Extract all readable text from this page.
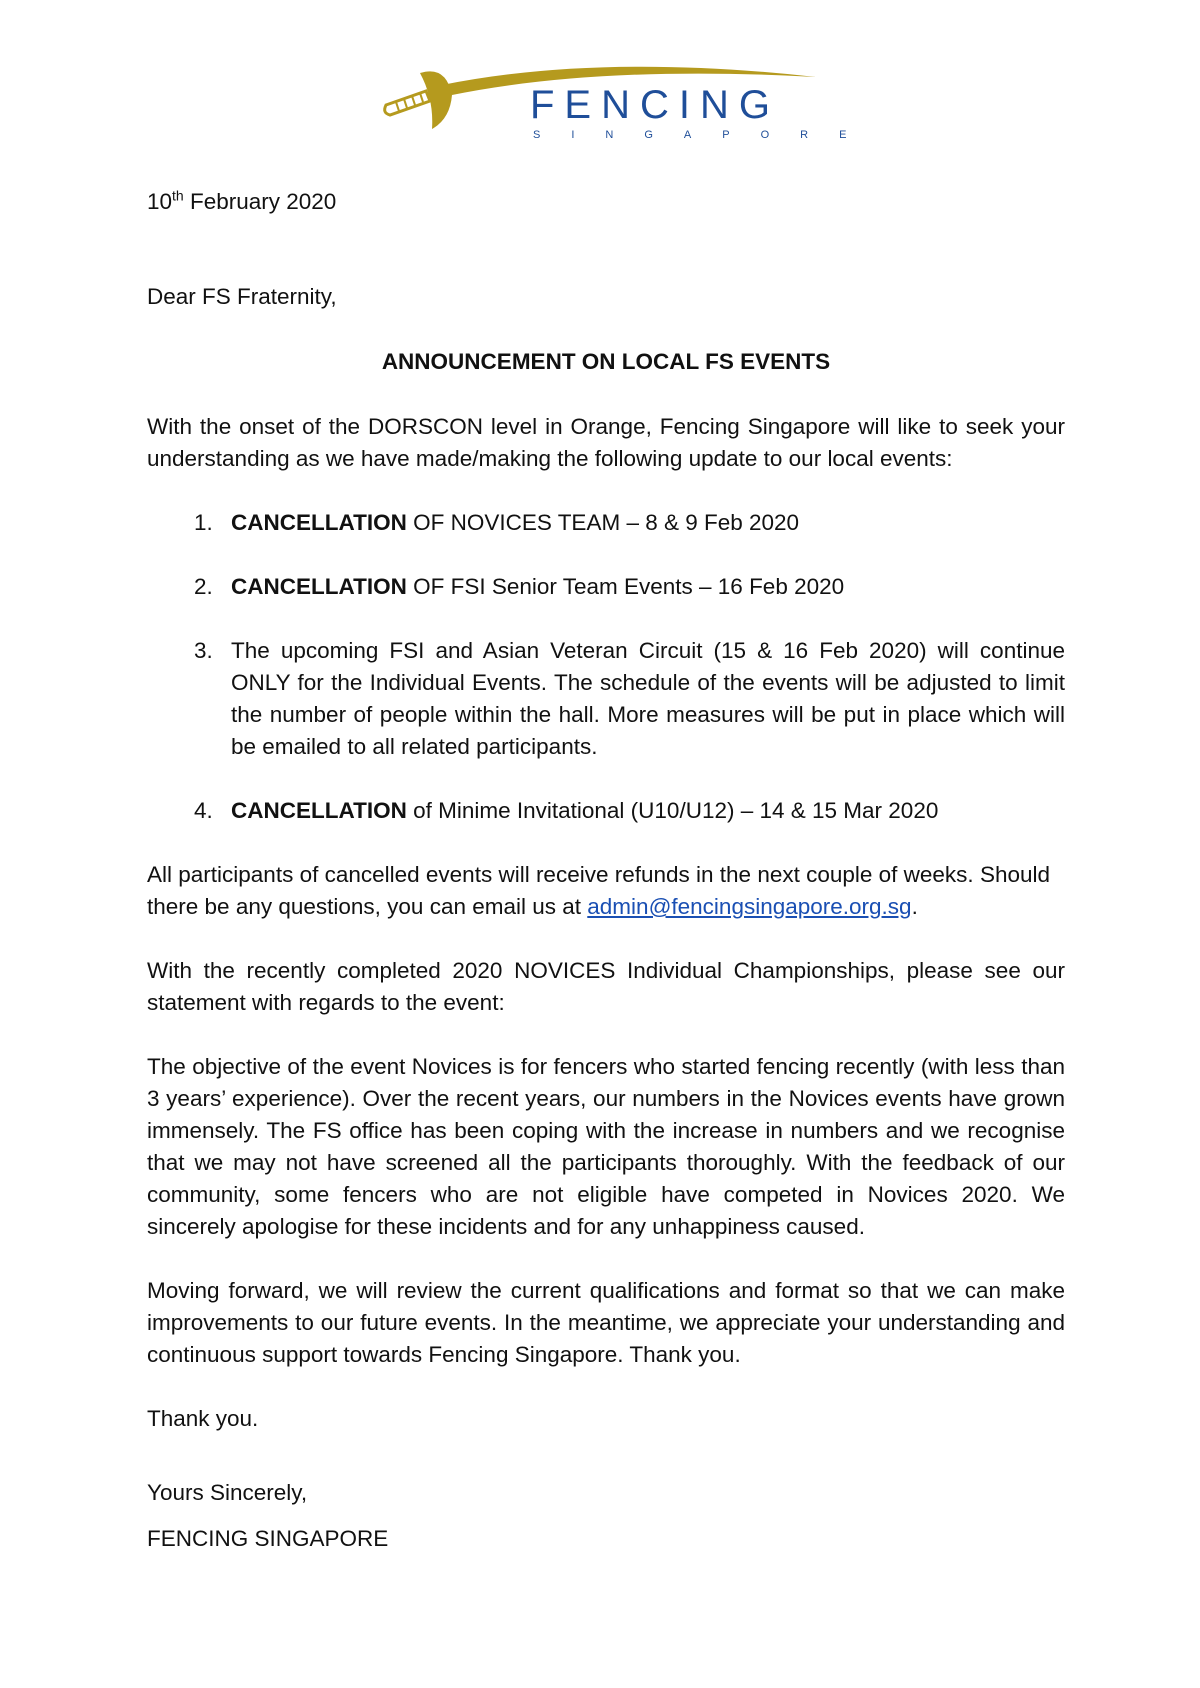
FENCING
SINGAPORE

10th February 2020

Dear FS Fraternity,

ANNOUNCEMENT ON LOCAL FS EVENTS

With the onset of the DORSCON level in Orange, Fencing Singapore will like to seek your understanding as we have made/making the following update to our local events:

1. CANCELLATION OF NOVICES TEAM – 8 & 9 Feb 2020
2. CANCELLATION OF FSI Senior Team Events – 16 Feb 2020
3. The upcoming FSI and Asian Veteran Circuit (15 & 16 Feb 2020) will continue ONLY for the Individual Events. The schedule of the events will be adjusted to limit the number of people within the hall. More measures will be put in place which will be emailed to all related participants.
4. CANCELLATION of Minime Invitational (U10/U12) – 14 & 15 Mar 2020

All participants of cancelled events will receive refunds in the next couple of weeks. Should there be any questions, you can email us at admin@fencingsingapore.org.sg.

With the recently completed 2020 NOVICES Individual Championships, please see our statement with regards to the event:

The objective of the event Novices is for fencers who started fencing recently (with less than 3 years’ experience). Over the recent years, our numbers in the Novices events have grown immensely. The FS office has been coping with the increase in numbers and we recognise that we may not have screened all the participants thoroughly. With the feedback of our community, some fencers who are not eligible have competed in Novices 2020. We sincerely apologise for these incidents and for any unhappiness caused.

Moving forward, we will review the current qualifications and format so that we can make improvements to our future events. In the meantime, we appreciate your understanding and continuous support towards Fencing Singapore. Thank you.

Thank you.

Yours Sincerely,

FENCING SINGAPORE
